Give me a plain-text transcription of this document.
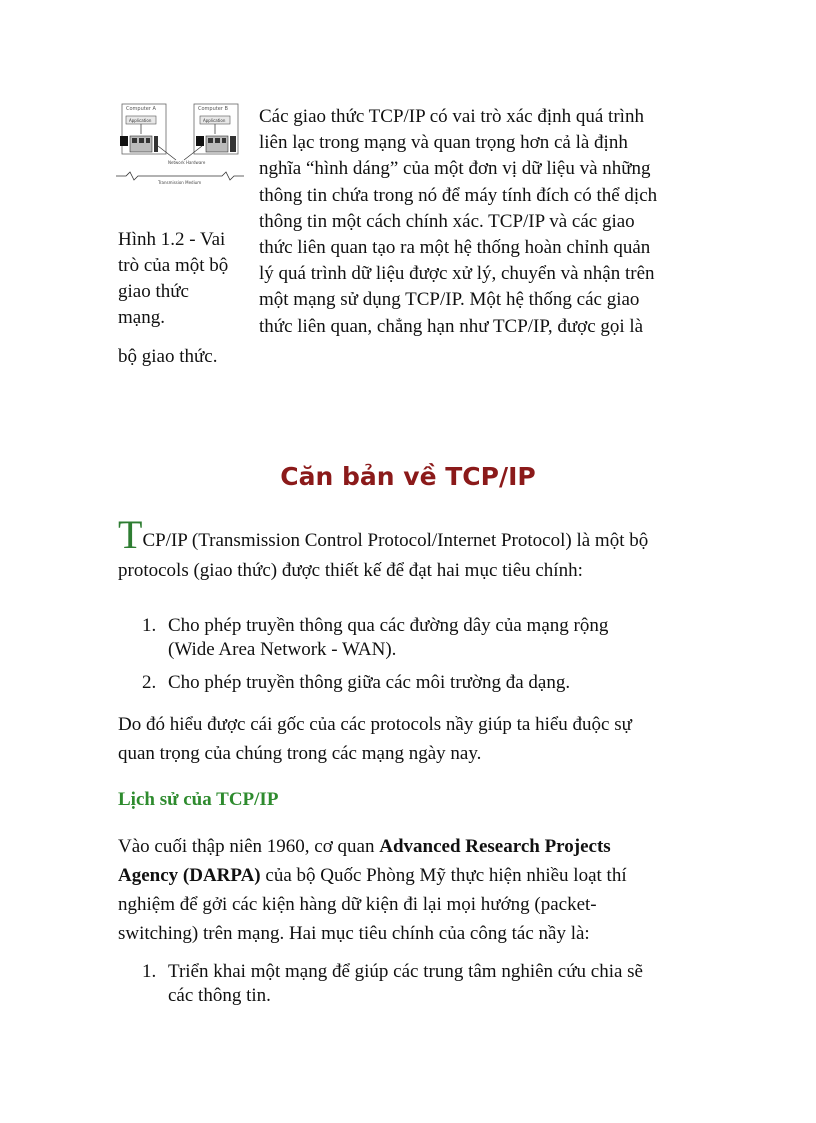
Computer A
Application
Computer B
Application
Network Hardware
Transmission Medium
Hình 1.2 - Vai
trò của một bộ
giao thức
mạng.
bộ giao thức.
Các giao thức TCP/IP có vai trò xác định quá trình
liên lạc trong mạng và quan trọng hơn cả là định
nghĩa “hình dáng” của một đơn vị dữ liệu và những
thông tin chứa trong nó để máy tính đích có thể dịch
thông tin một cách chính xác. TCP/IP và các giao
thức liên quan tạo ra một hệ thống hoàn chỉnh quản
lý quá trình dữ liệu được xử lý, chuyển và nhận trên
một mạng sử dụng TCP/IP. Một hệ thống các giao
thức liên quan, chẳng hạn như TCP/IP, được gọi là
Căn bản về TCP/IP
TCP/IP (Transmission Control Protocol/Internet Protocol) là một bộ
protocols (giao thức) được thiết kế để đạt hai mục tiêu chính:
1. Cho phép truyền thông qua các đường dây của mạng rộng
(Wide Area Network - WAN).
2. Cho phép truyền thông giữa các môi trường đa dạng.
Do đó hiểu được cái gốc của các protocols nầy giúp ta hiểu đuộc sự
quan trọng của chúng trong các mạng ngày nay.
Lịch sử của TCP/IP
Vào cuối thập niên 1960, cơ quan Advanced Research Projects
Agency (DARPA) của bộ Quốc Phòng Mỹ thực hiện nhiều loạt thí
nghiệm để gởi các kiện hàng dữ kiện đi lại mọi hướng (packet-
switching) trên mạng. Hai mục tiêu chính của công tác nầy là:
1. Triển khai một mạng để giúp các trung tâm nghiên cứu chia sẽ
các thông tin.
